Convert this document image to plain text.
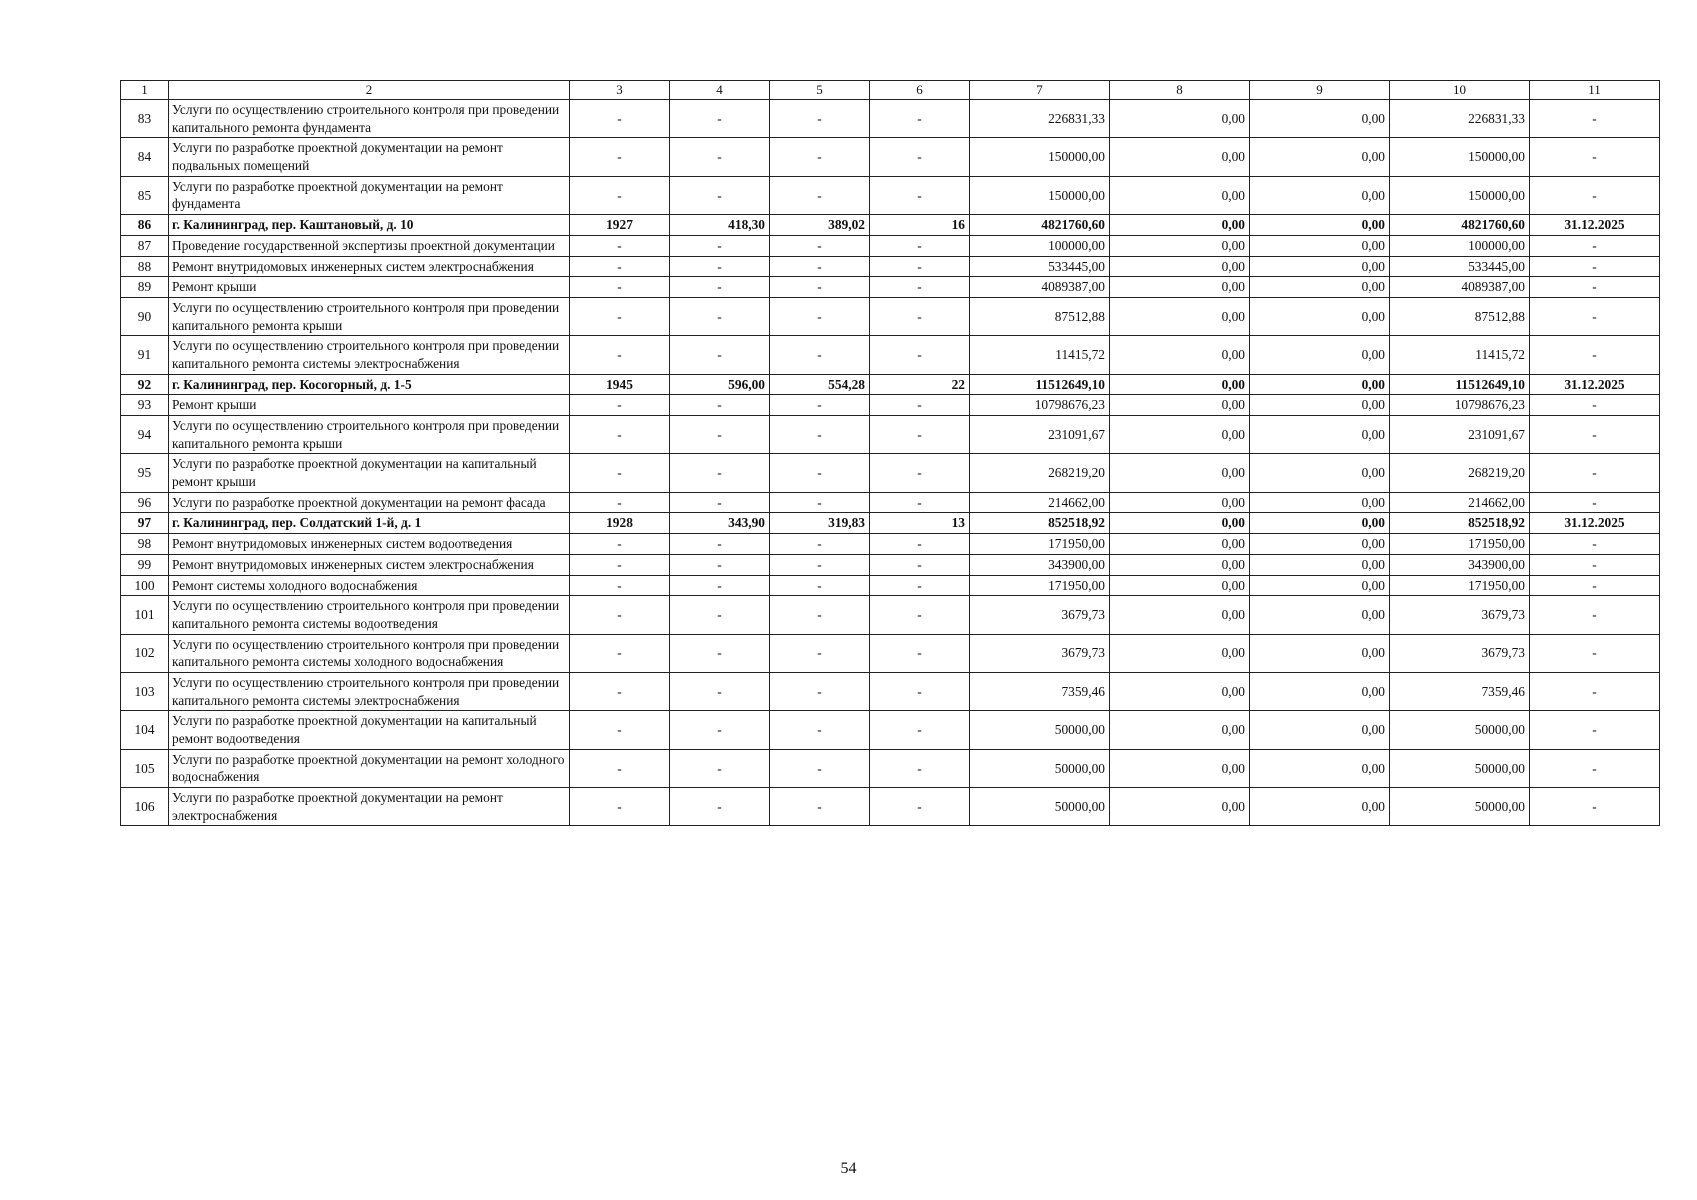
1	2	3	4	5	6	7	8	9	10	11
83	Услуги по осуществлению строительного контроля при проведении капитального ремонта фундамента	-	-	-	-	226831,33	0,00	0,00	226831,33	-
84	Услуги по разработке проектной документации на ремонт подвальных помещений	-	-	-	-	150000,00	0,00	0,00	150000,00	-
85	Услуги по разработке проектной документации на ремонт фундамента	-	-	-	-	150000,00	0,00	0,00	150000,00	-
86	г. Калининград, пер. Каштановый, д. 10	1927	418,30	389,02	16	4821760,60	0,00	0,00	4821760,60	31.12.2025
87	Проведение государственной экспертизы проектной документации	-	-	-	-	100000,00	0,00	0,00	100000,00	-
88	Ремонт внутридомовых инженерных систем электроснабжения	-	-	-	-	533445,00	0,00	0,00	533445,00	-
89	Ремонт крыши	-	-	-	-	4089387,00	0,00	0,00	4089387,00	-
90	Услуги по осуществлению строительного контроля при проведении капитального ремонта крыши	-	-	-	-	87512,88	0,00	0,00	87512,88	-
91	Услуги по осуществлению строительного контроля при проведении капитального ремонта системы электроснабжения	-	-	-	-	11415,72	0,00	0,00	11415,72	-
92	г. Калининград, пер. Косогорный, д. 1-5	1945	596,00	554,28	22	11512649,10	0,00	0,00	11512649,10	31.12.2025
93	Ремонт крыши	-	-	-	-	10798676,23	0,00	0,00	10798676,23	-
94	Услуги по осуществлению строительного контроля при проведении капитального ремонта крыши	-	-	-	-	231091,67	0,00	0,00	231091,67	-
95	Услуги по разработке проектной документации на капитальный ремонт крыши	-	-	-	-	268219,20	0,00	0,00	268219,20	-
96	Услуги по разработке проектной документации на ремонт фасада	-	-	-	-	214662,00	0,00	0,00	214662,00	-
97	г. Калининград, пер. Солдатский 1-й, д. 1	1928	343,90	319,83	13	852518,92	0,00	0,00	852518,92	31.12.2025
98	Ремонт внутридомовых инженерных систем водоотведения	-	-	-	-	171950,00	0,00	0,00	171950,00	-
99	Ремонт внутридомовых инженерных систем электроснабжения	-	-	-	-	343900,00	0,00	0,00	343900,00	-
100	Ремонт системы холодного водоснабжения	-	-	-	-	171950,00	0,00	0,00	171950,00	-
101	Услуги по осуществлению строительного контроля при проведении капитального ремонта системы водоотведения	-	-	-	-	3679,73	0,00	0,00	3679,73	-
102	Услуги по осуществлению строительного контроля при проведении капитального ремонта системы холодного водоснабжения	-	-	-	-	3679,73	0,00	0,00	3679,73	-
103	Услуги по осуществлению строительного контроля при проведении капитального ремонта системы электроснабжения	-	-	-	-	7359,46	0,00	0,00	7359,46	-
104	Услуги по разработке проектной документации на капитальный ремонт водоотведения	-	-	-	-	50000,00	0,00	0,00	50000,00	-
105	Услуги по разработке проектной документации на ремонт холодного водоснабжения	-	-	-	-	50000,00	0,00	0,00	50000,00	-
106	Услуги по разработке проектной документации на ремонт электроснабжения	-	-	-	-	50000,00	0,00	0,00	50000,00	-
54
